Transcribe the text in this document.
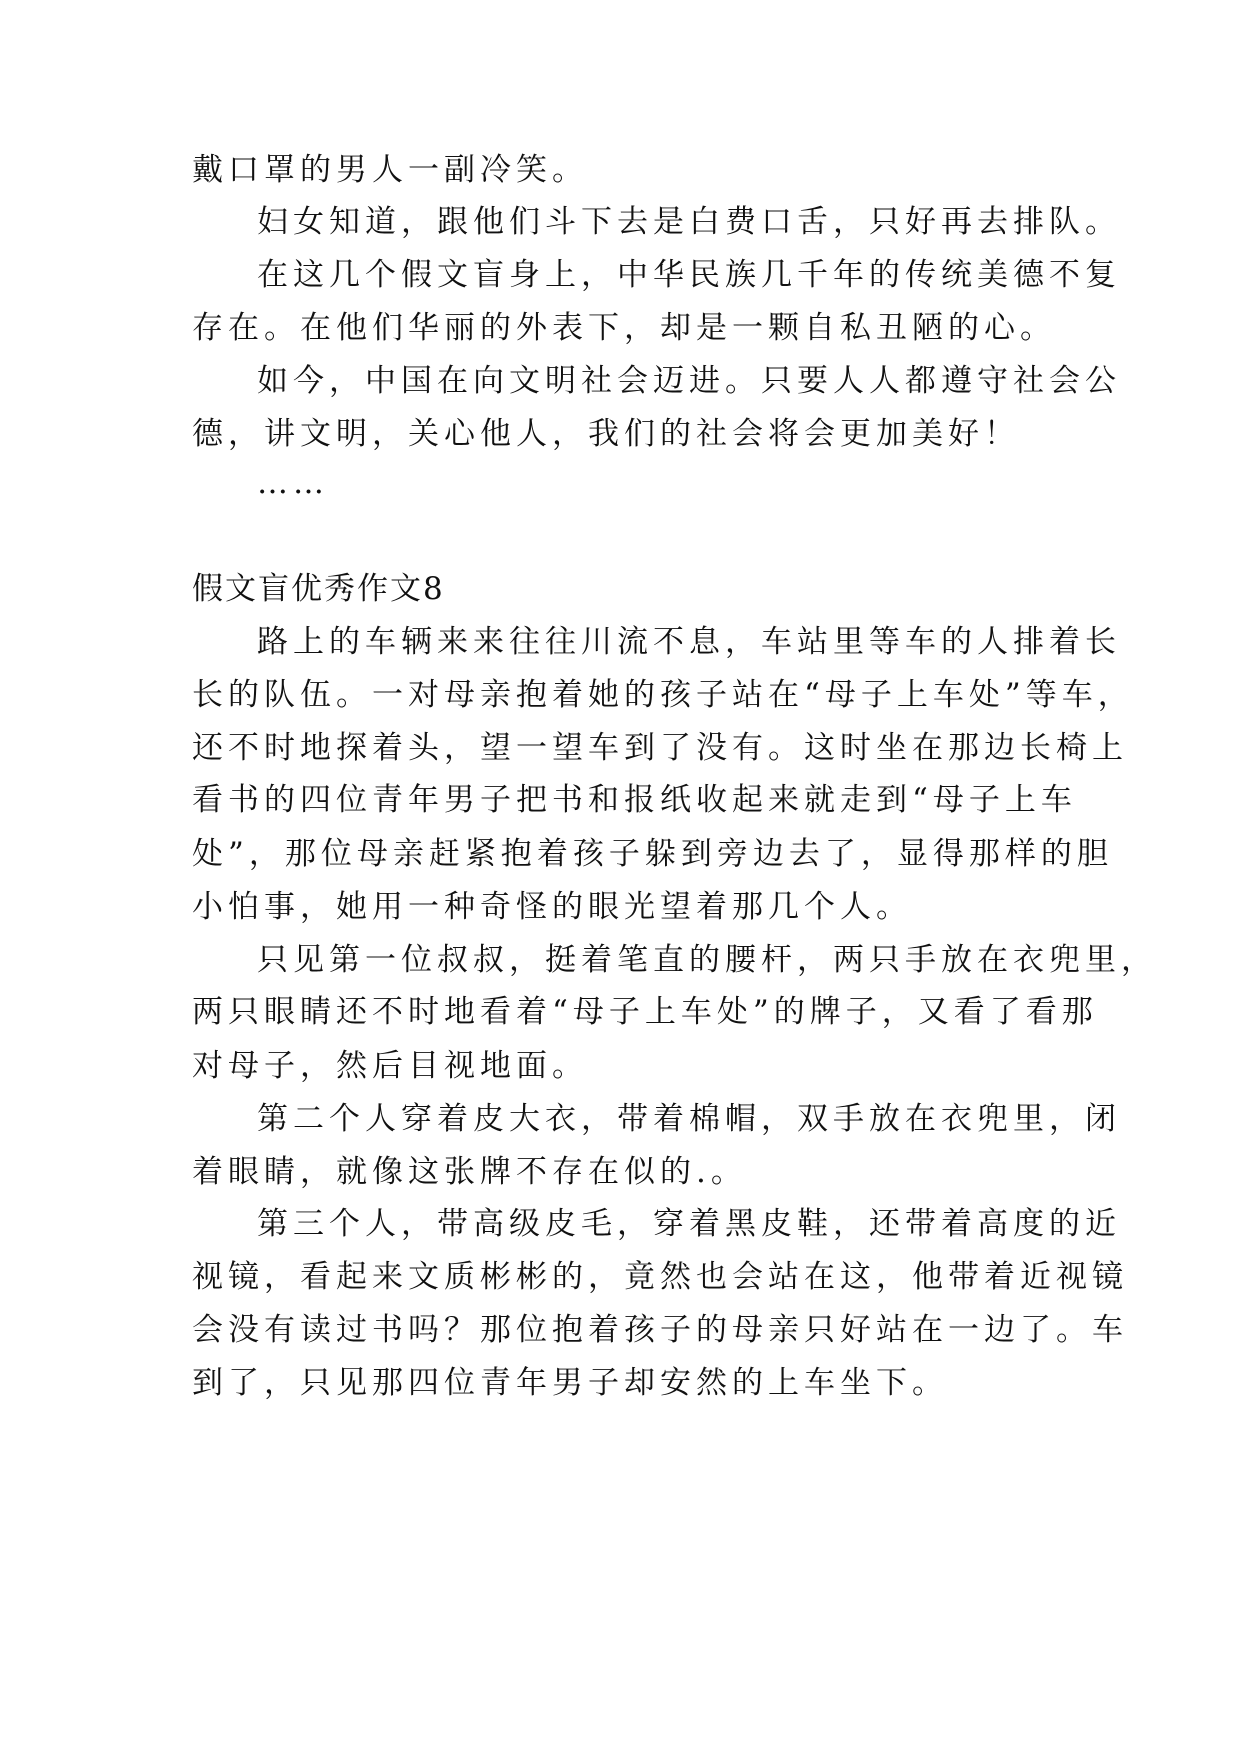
戴口罩的男人一副冷笑。
妇女知道，跟他们斗下去是白费口舌，只好再去排队。
在这几个假文盲身上，中华民族几千年的传统美德不复
存在。在他们华丽的外表下，却是一颗自私丑陋的心。
如今，中国在向文明社会迈进。只要人人都遵守社会公
德，讲文明，关心他人，我们的社会将会更加美好！
……
假文盲优秀作文8
路上的车辆来来往往川流不息，车站里等车的人排着长
长的队伍。一对母亲抱着她的孩子站在“母子上车处”等车，
还不时地探着头，望一望车到了没有。这时坐在那边长椅上
看书的四位青年男子把书和报纸收起来就走到“母子上车
处”，那位母亲赶紧抱着孩子躲到旁边去了，显得那样的胆
小怕事，她用一种奇怪的眼光望着那几个人。
只见第一位叔叔，挺着笔直的腰杆，两只手放在衣兜里，
两只眼睛还不时地看着“母子上车处”的牌子，又看了看那
对母子，然后目视地面。
第二个人穿着皮大衣，带着棉帽，双手放在衣兜里，闭
着眼睛，就像这张牌不存在似的.。
第三个人，带高级皮毛，穿着黑皮鞋，还带着高度的近
视镜，看起来文质彬彬的，竟然也会站在这，他带着近视镜
会没有读过书吗？那位抱着孩子的母亲只好站在一边了。车
到了，只见那四位青年男子却安然的上车坐下。
